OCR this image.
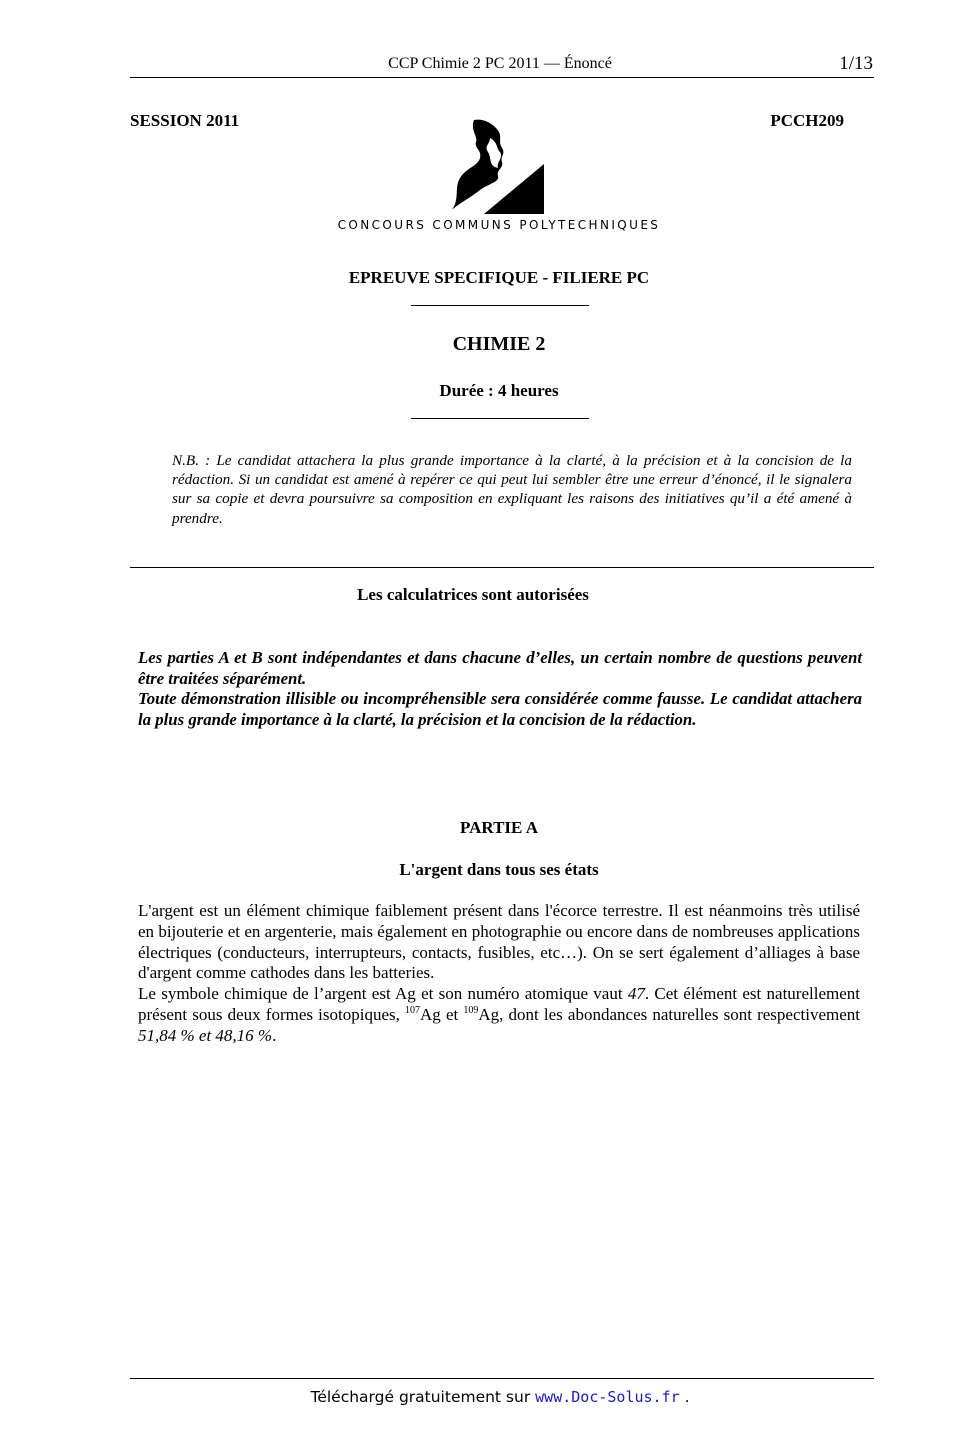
CCP Chimie 2 PC 2011 — Énoncé	1/13
SESSION 2011	PCCH209
CONCOURS COMMUNS POLYTECHNIQUES
EPREUVE SPECIFIQUE - FILIERE PC
CHIMIE 2
Durée : 4 heures
N.B. : Le candidat attachera la plus grande importance à la clarté, à la précision et à la concision de la rédaction. Si un candidat est amené à repérer ce qui peut lui sembler être une erreur d’énoncé, il le signalera sur sa copie et devra poursuivre sa composition en expliquant les raisons des initiatives qu’il a été amené à prendre.
Les calculatrices sont autorisées

Les parties A et B sont indépendantes et dans chacune d’elles, un certain nombre de questions peuvent être traitées séparément.

Toute démonstration illisible ou incompréhensible sera considérée comme fausse. Le candidat attachera la plus grande importance à la clarté, la précision et la concision de la rédaction.

PARTIE A
L'argent dans tous ses états

L'argent est un élément chimique faiblement présent dans l'écorce terrestre. Il est néanmoins très utilisé en bijouterie et en argenterie, mais également en photographie ou encore dans de nombreuses applications électriques (conducteurs, interrupteurs, contacts, fusibles, etc…). On se sert également d’alliages à base d'argent comme cathodes dans les batteries.

Le symbole chimique de l’argent est Ag et son numéro atomique vaut 47. Cet élément est naturellement présent sous deux formes isotopiques, $^{107}$Ag et $^{109}$Ag, dont les abondances naturelles sont respectivement 51,84 % et 48,16 %.

Téléchargé gratuitement sur www.Doc-Solus.fr .
